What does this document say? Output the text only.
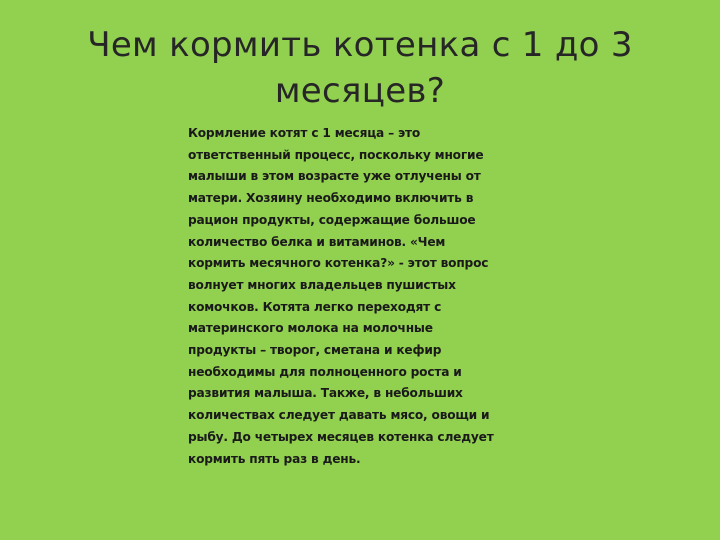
Чем кормить котенка с 1 до 3
месяцев?

Кормление котят с 1 месяца – это
ответственный процесс, поскольку многие
малыши в этом возрасте уже отлучены от
матери. Хозяину необходимо включить в
рацион продукты, содержащие большое
количество белка и витаминов. «Чем
кормить месячного котенка?» - этот вопрос
волнует многих владельцев пушистых
комочков. Котята легко переходят с
материнского молока на молочные
продукты – творог, сметана и кефир
необходимы для полноценного роста и
развития малыша. Также, в небольших
количествах следует давать мясо, овощи и
рыбу. До четырех месяцев котенка следует
кормить пять раз в день.
